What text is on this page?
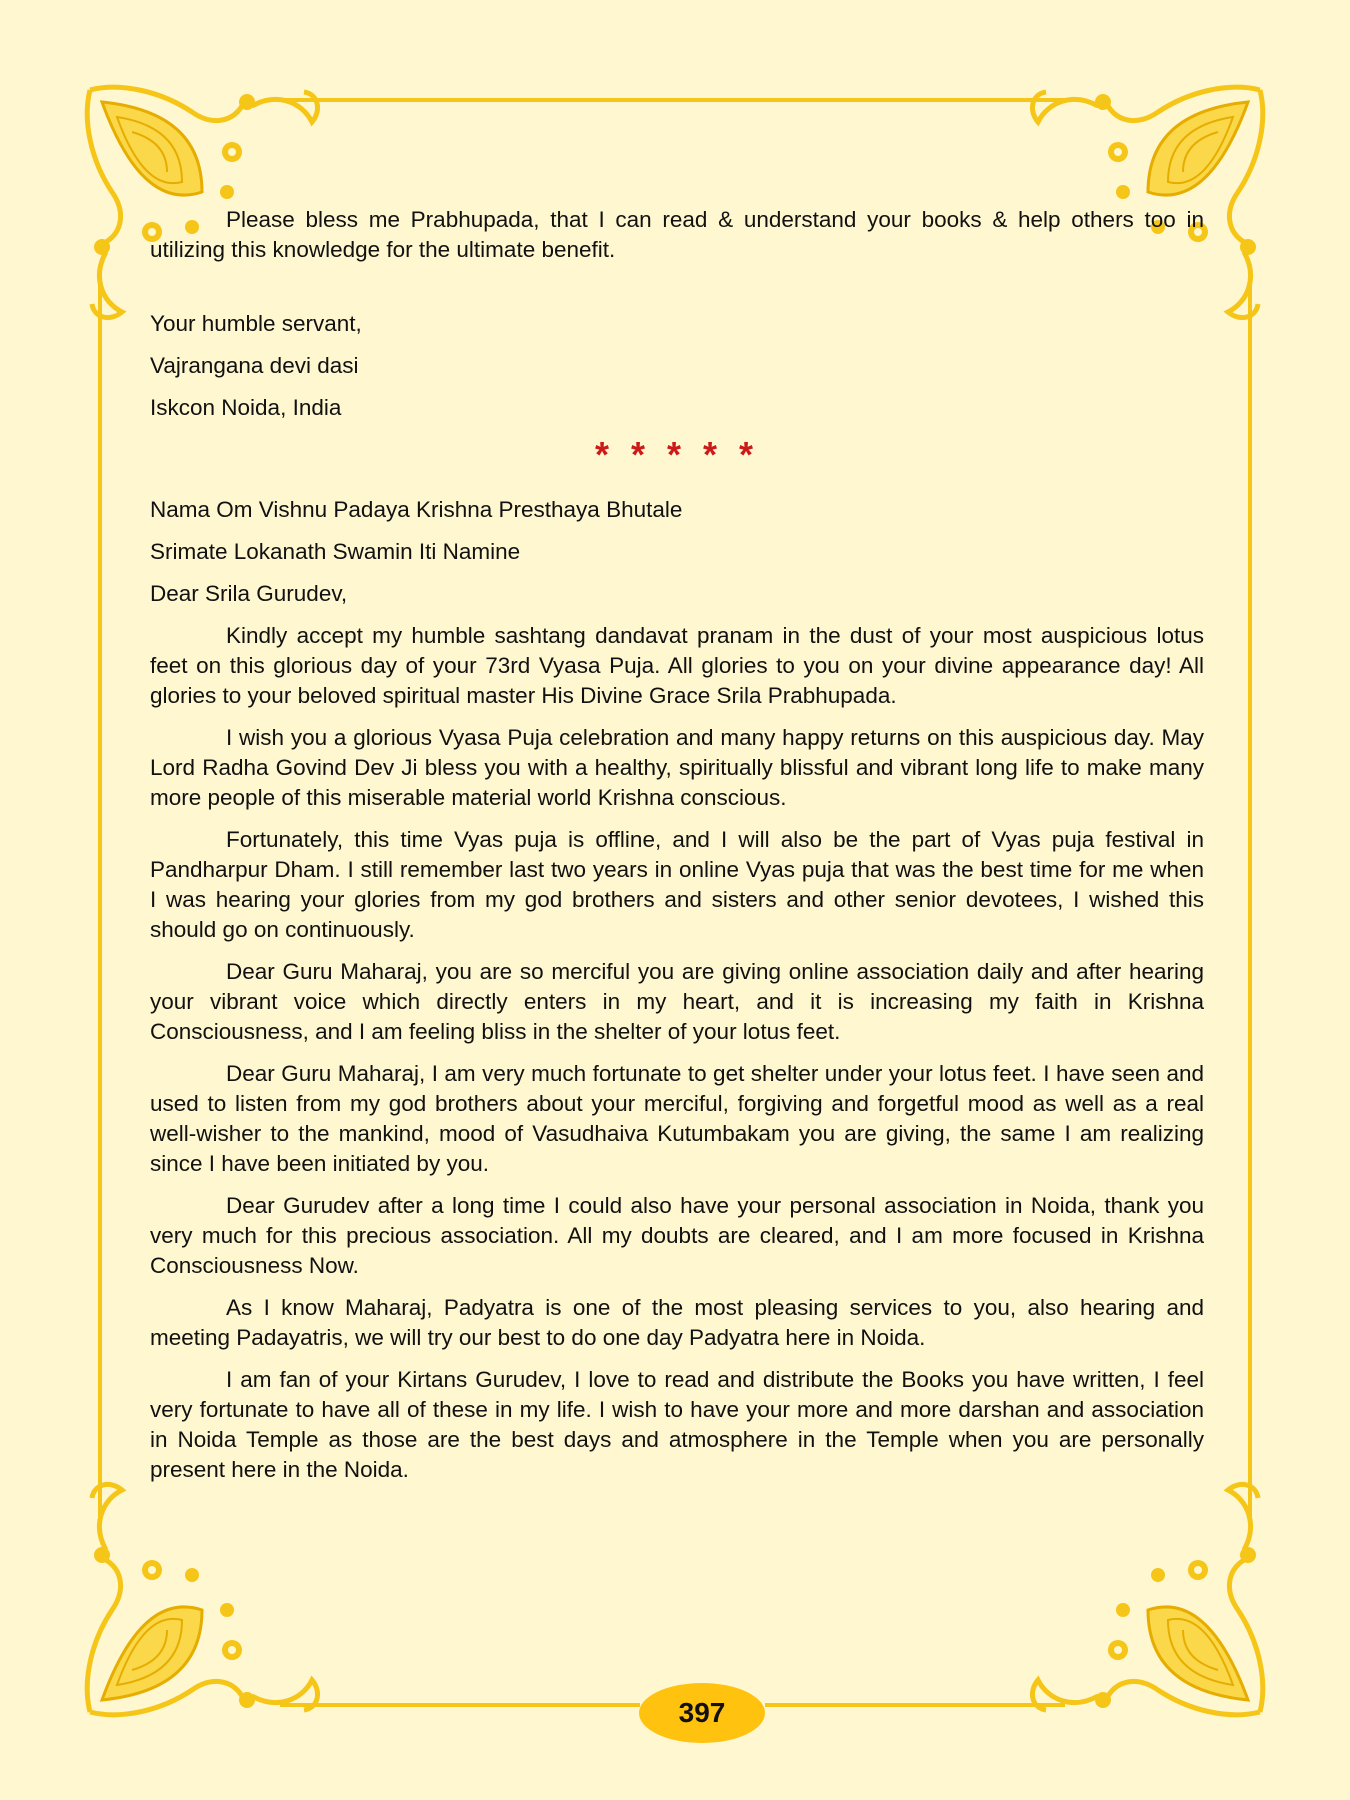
Please bless me Prabhupada, that I can read & understand your books & help others too in utilizing this knowledge for the ultimate benefit.

Your humble servant,
Vajrangana devi dasi
Iskcon Noida, India
* * * * *
Nama Om Vishnu Padaya Krishna Presthaya Bhutale
Srimate Lokanath Swamin Iti Namine
Dear Srila Gurudev,

Kindly accept my humble sashtang dandavat pranam in the dust of your most auspicious lotus feet on this glorious day of your 73rd Vyasa Puja. All glories to you on your divine appearance day! All glories to your beloved spiritual master His Divine Grace Srila Prabhupada.

I wish you a glorious Vyasa Puja celebration and many happy returns on this auspicious day. May Lord Radha Govind Dev Ji bless you with a healthy, spiritually blissful and vibrant long life to make many more people of this miserable material world Krishna conscious.

Fortunately, this time Vyas puja is offline, and I will also be the part of Vyas puja festival in Pandharpur Dham. I still remember last two years in online Vyas puja that was the best time for me when I was hearing your glories from my god brothers and sisters and other senior devotees, I wished this should go on continuously.

Dear Guru Maharaj, you are so merciful you are giving online association daily and after hearing your vibrant voice which directly enters in my heart, and it is increasing my faith in Krishna Consciousness, and I am feeling bliss in the shelter of your lotus feet.

Dear Guru Maharaj, I am very much fortunate to get shelter under your lotus feet. I have seen and used to listen from my god brothers about your merciful, forgiving and forgetful mood as well as a real well-wisher to the mankind, mood of Vasudhaiva Kutumbakam you are giving, the same I am realizing since I have been initiated by you.

Dear Gurudev after a long time I could also have your personal association in Noida, thank you very much for this precious association. All my doubts are cleared, and I am more focused in Krishna Consciousness Now.

As I know Maharaj, Padyatra is one of the most pleasing services to you, also hearing and meeting Padayatris, we will try our best to do one day Padyatra here in Noida.

I am fan of your Kirtans Gurudev, I love to read and distribute the Books you have written, I feel very fortunate to have all of these in my life. I wish to have your more and more darshan and association in Noida Temple as those are the best days and atmosphere in the Temple when you are personally present here in the Noida.

397
